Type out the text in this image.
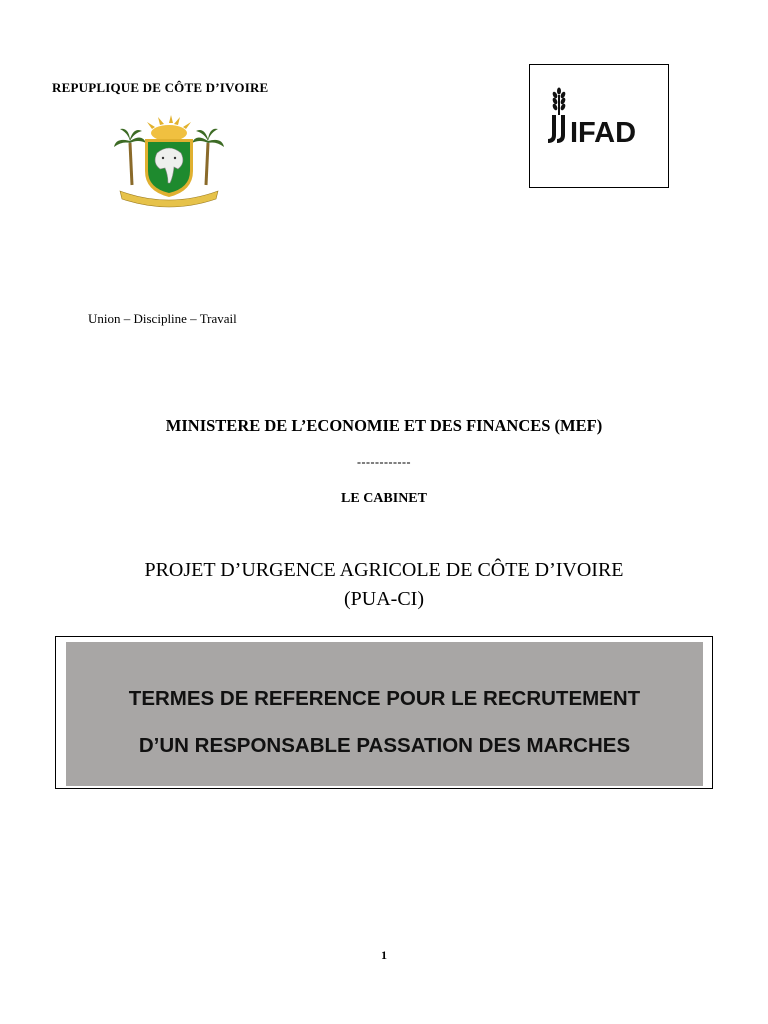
REPUPLIQUE DE CÔTE D’IVOIRE
IFAD
Union – Discipline – Travail
MINISTERE DE L’ECONOMIE ET DES FINANCES (MEF)
------------
LE CABINET
PROJET D’URGENCE AGRICOLE DE CÔTE D’IVOIRE
(PUA-CI)
TERMES DE REFERENCE POUR LE RECRUTEMENT
D’UN RESPONSABLE PASSATION DES MARCHES
1
